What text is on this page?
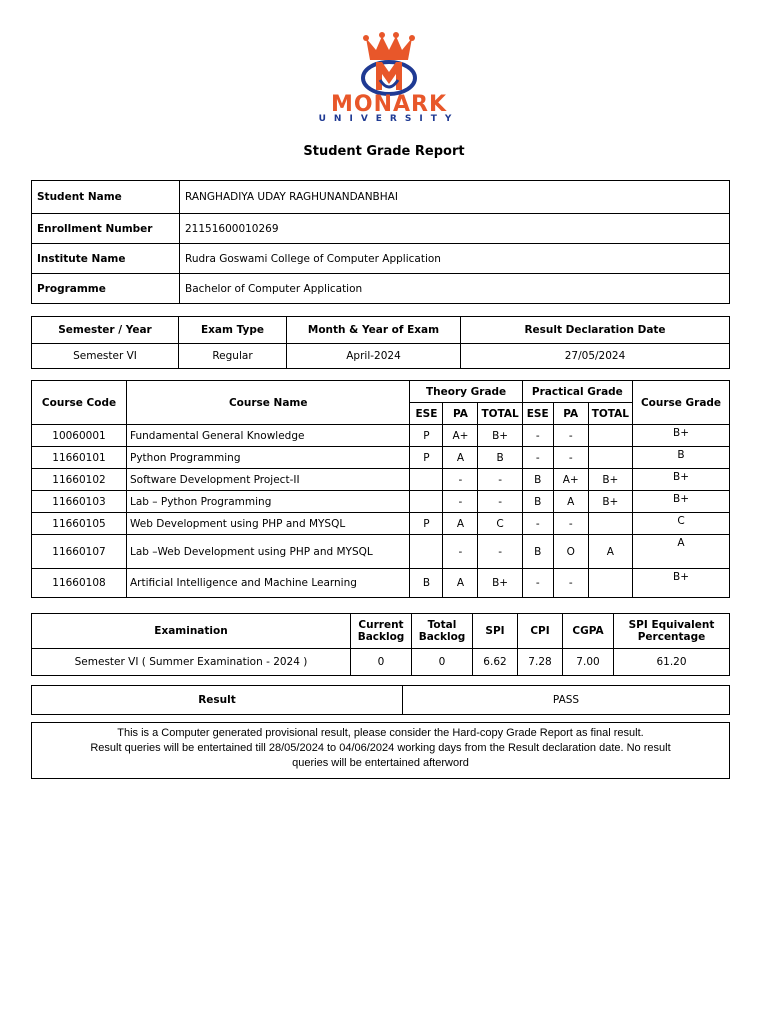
MONARK
UNIVERSITY
Student Grade Report
Student Name	RANGHADIYA UDAY RAGHUNANDANBHAI
Enrollment Number	21151600010269
Institute Name	Rudra Goswami College of Computer Application
Programme	Bachelor of Computer Application
Semester / Year	Exam Type	Month & Year of Exam	Result Declaration Date
Semester VI	Regular	April-2024	27/05/2024
Course Code	Course Name	Theory Grade			Practical Grade			Course Grade
		ESE	PA	TOTAL	ESE	PA	TOTAL	
10060001	Fundamental General Knowledge	P	A+	B+	-	-		B+
11660101	Python Programming	P	A	B	-	-		B
11660102	Software Development Project-II		-	-	B	A+	B+	B+
11660103	Lab – Python Programming		-	-	B	A	B+	B+
11660105	Web Development using PHP and MYSQL	P	A	C	-	-		C
11660107	Lab –Web Development using PHP and MYSQL		-	-	B	O	A	A
11660108	Artificial Intelligence and Machine Learning	B	A	B+	-	-		B+
Examination	Current Backlog	Total Backlog	SPI	CPI	CGPA	SPI Equivalent Percentage
Semester VI ( Summer Examination - 2024 )	0	0	6.62	7.28	7.00	61.20
Result	PASS
This is a Computer generated provisional result, please consider the Hard-copy Grade Report as final result.
Result queries will be entertained till 28/05/2024 to 04/06/2024 working days from the Result declaration date. No result
queries will be entertained afterword
